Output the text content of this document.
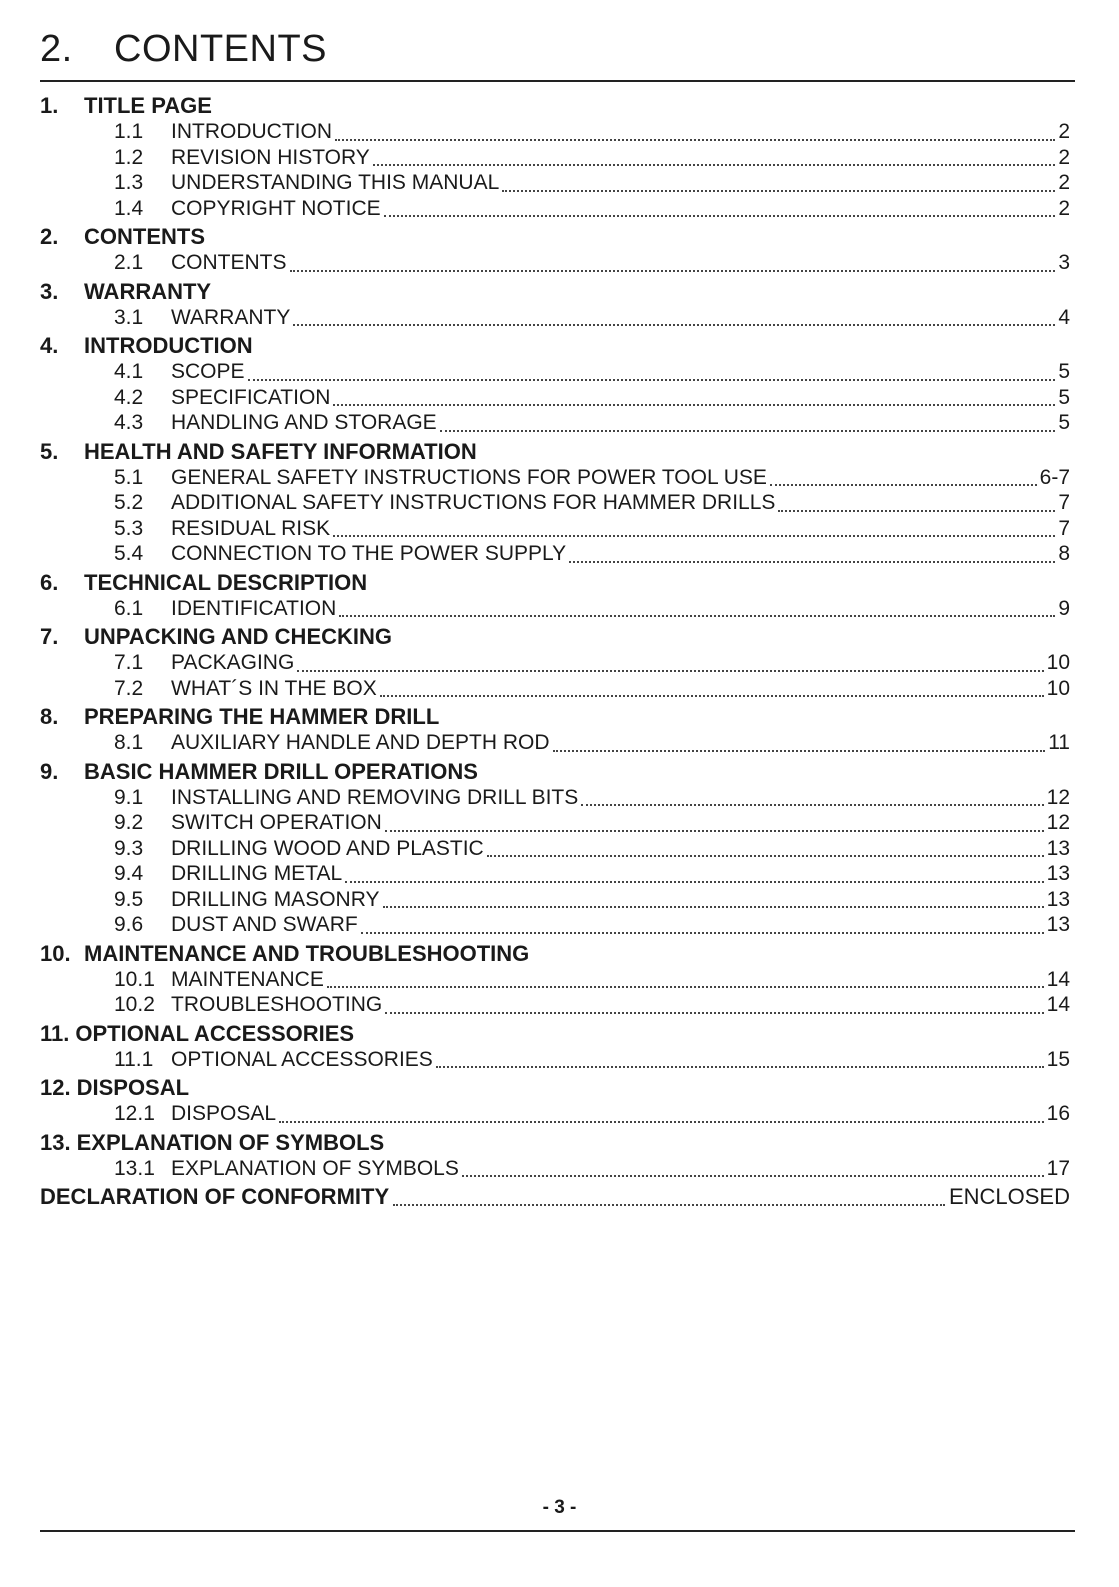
2. CONTENTS
1.	TITLE PAGE
1.1	INTRODUCTION	2
1.2	REVISION HISTORY	2
1.3	UNDERSTANDING THIS MANUAL	2
1.4	COPYRIGHT NOTICE	2
2.	CONTENTS
2.1	CONTENTS	3
3.	WARRANTY
3.1	WARRANTY	4
4.	INTRODUCTION
4.1	SCOPE	5
4.2	SPECIFICATION	5
4.3	HANDLING AND STORAGE	5
5.	HEALTH AND SAFETY INFORMATION
5.1	GENERAL SAFETY INSTRUCTIONS FOR POWER TOOL USE	6-7
5.2	ADDITIONAL SAFETY INSTRUCTIONS FOR HAMMER DRILLS	7
5.3	RESIDUAL RISK	7
5.4	CONNECTION TO THE POWER SUPPLY	8
6.	TECHNICAL DESCRIPTION
6.1	IDENTIFICATION	9
7.	UNPACKING AND CHECKING
7.1	PACKAGING	10
7.2	WHAT´S IN THE BOX	10
8.	PREPARING THE HAMMER DRILL
8.1	AUXILIARY HANDLE AND DEPTH ROD	11
9.	BASIC HAMMER DRILL OPERATIONS
9.1	INSTALLING AND REMOVING DRILL BITS	12
9.2	SWITCH OPERATION	12
9.3	DRILLING WOOD AND PLASTIC	13
9.4	DRILLING METAL	13
9.5	DRILLING MASONRY	13
9.6	DUST AND SWARF	13
10. MAINTENANCE AND TROUBLESHOOTING
10.1 MAINTENANCE	14
10.2 TROUBLESHOOTING	14
11. OPTIONAL ACCESSORIES
11.1 OPTIONAL ACCESSORIES	15
12. DISPOSAL
12.1 DISPOSAL	16
13. EXPLANATION OF SYMBOLS
13.1 EXPLANATION OF SYMBOLS	17
DECLARATION OF CONFORMITY	ENCLOSED
- 3 -
